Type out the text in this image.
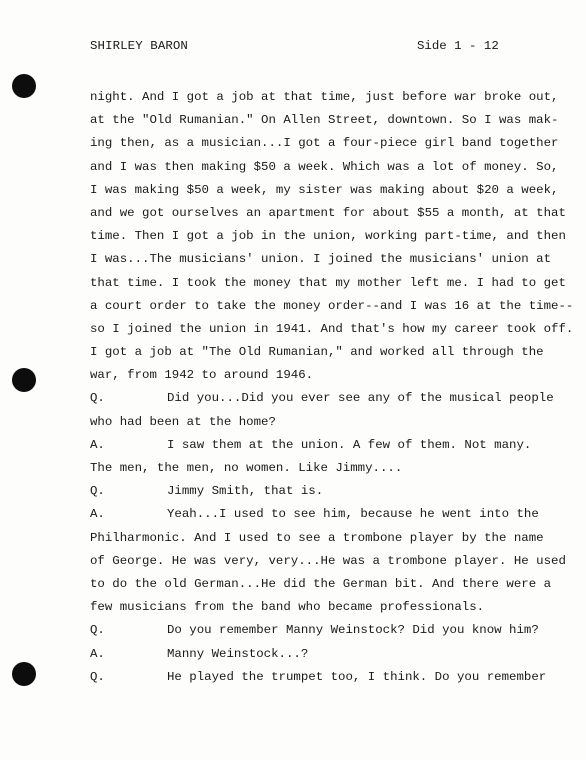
SHIRLEY BARON	Side 1 - 12
night. And I got a job at that time, just before war broke out,
at the "Old Rumanian." On Allen Street, downtown. So I was mak-
ing then, as a musician...I got a four-piece girl band together
and I was then making $50 a week. Which was a lot of money. So,
I was making $50 a week, my sister was making about $20 a week,
and we got ourselves an apartment for about $55 a month, at that
time. Then I got a job in the union, working part-time, and then
I was...The musicians' union. I joined the musicians' union at
that time. I took the money that my mother left me. I had to get
a court order to take the money order--and I was 16 at the time--
so I joined the union in 1941. And that's how my career took off.
I got a job at "The Old Rumanian," and worked all through the
war, from 1942 to around 1946.
Q.	Did you...Did you ever see any of the musical people
who had been at the home?
A.	I saw them at the union. A few of them. Not many.
The men, the men, no women. Like Jimmy....
Q.	Jimmy Smith, that is.
A.	Yeah...I used to see him, because he went into the
Philharmonic. And I used to see a trombone player by the name
of George. He was very, very...He was a trombone player. He used
to do the old German...He did the German bit. And there were a
few musicians from the band who became professionals.
Q.	Do you remember Manny Weinstock? Did you know him?
A.	Manny Weinstock...?
Q.	He played the trumpet too, I think. Do you remember
